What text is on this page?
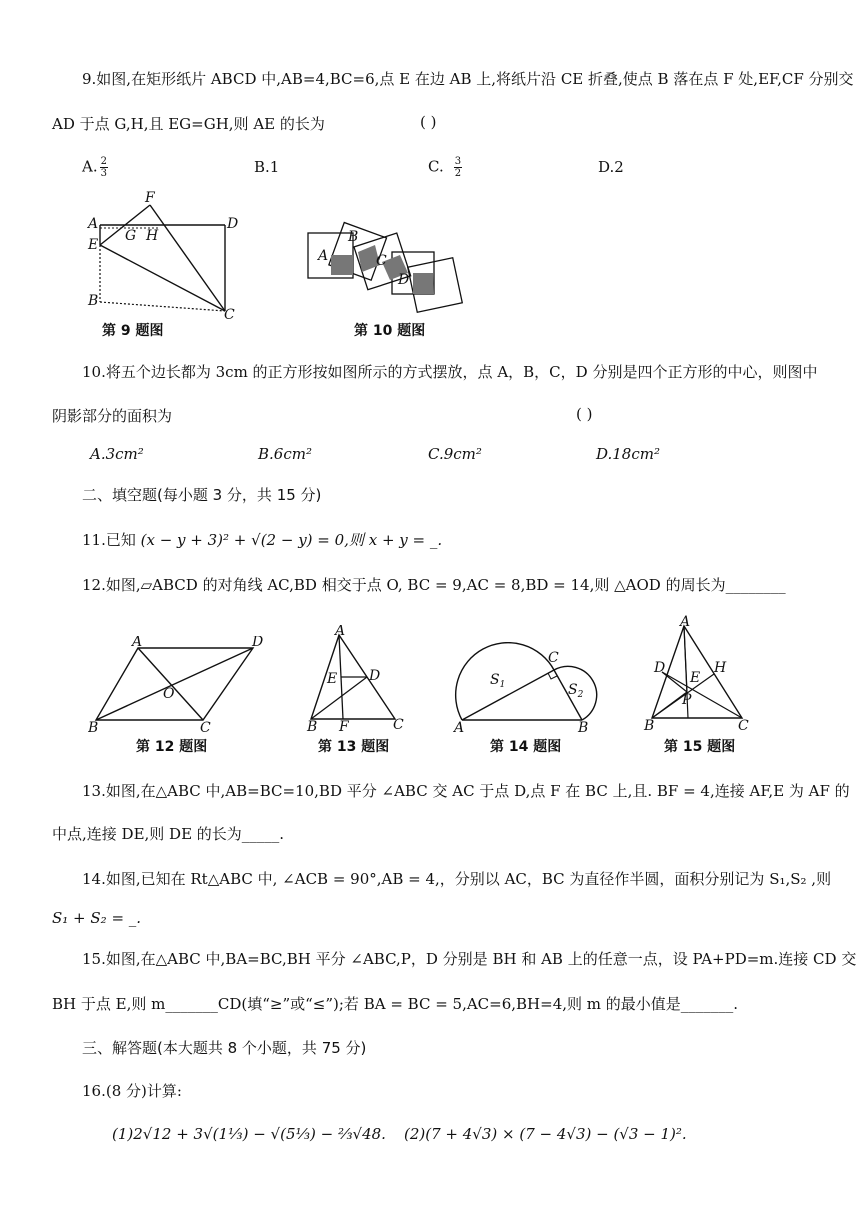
9.如图,在矩形纸片 ABCD 中,AB=4,BC=6,点 E 在边 AB 上,将纸片沿 CE 折叠,使点 B 落在点 F 处,EF,CF 分别交
AD 于点 G,H,且 EG=GH,则 AE 的长为	( )
A. $\frac{2}{3}$	B.1	C. $\frac{3}{2}$	D.2
F
A	D
E
G H
B
C
第 9 题图
A
B
C
D
第 10 题图
10.将五个边长都为 3cm 的正方形按如图所示的方式摆放，点 A，B，C，D 分别是四个正方形的中心，则图中
阴影部分的面积为	( )
A.3cm²	B.6cm²	C.9cm²	D.18cm²
二、填空题(每小题 3 分，共 15 分)
11.已知 (x − y + 3)² + √(2 − y) = 0,则 x + y = _.
12.如图,▱ABCD 的对角线 AC,BD 相交于点 O, BC = 9,AC = 8,BD = 14,则 △AOD 的周长为________
A	D
O
B	C
第 12 题图
A
E D
B F	C
第 13 题图
C
$S_1$	$S_2$
A	B
第 14 题图
A
D	H
E
P
B	C
第 15 题图
13.如图,在△ABC 中,AB=BC=10,BD 平分 ∠ABC 交 AC 于点 D,点 F 在 BC 上,且. BF = 4,连接 AF,E 为 AF 的
中点,连接 DE,则 DE 的长为_____.
14.如图,已知在 Rt△ABC 中, ∠ACB = 90°,AB = 4,，分别以 AC，BC 为直径作半圆，面积分别记为 S₁,S₂ ,则
S₁ + S₂ = _.
15.如图,在△ABC 中,BA=BC,BH 平分 ∠ABC,P，D 分别是 BH 和 AB 上的任意一点，设 PA+PD=m.连接 CD 交
BH 于点 E,则 m_______CD(填“≥”或“≤”);若 BA = BC = 5,AC=6,BH=4,则 m 的最小值是_______.
三、解答题(本大题共 8 个小题，共 75 分)
16.(8 分)计算:
(1)2√12 + 3√(1⅓) − √(5⅓) − ⅔√48. (2)(7 + 4√3) × (7 − 4√3) − (√3 − 1)².
